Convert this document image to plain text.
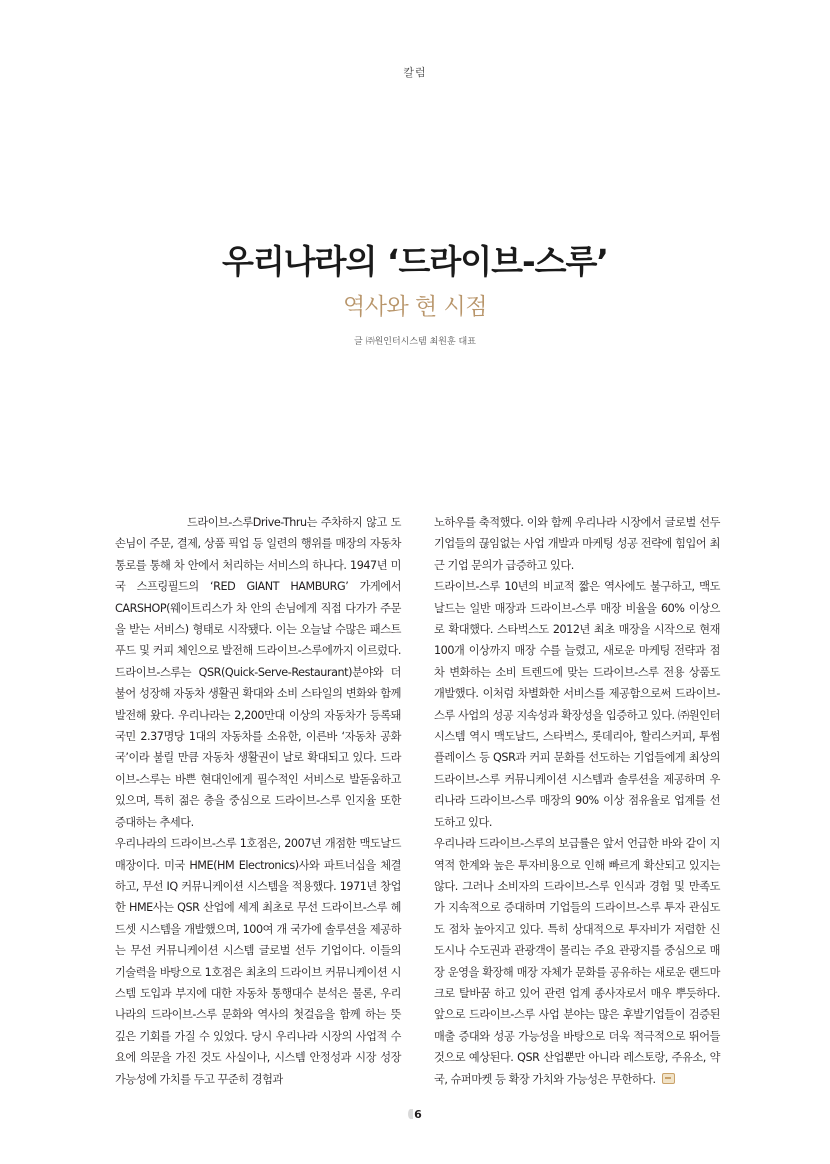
칼럼
우리나라의 ‘드라이브-스루’
역사와 현 시점
글 ㈜원인터시스템 최원훈 대표

드라이브-스루Drive-Thru는 주차하지 않고 도 손님이 주문, 결제, 상품 픽업 등 일련의 행위를 매장의 자동차 통로를 통해 차 안에서 처리하는 서비스의 하나다. 1947년 미국 스프링필드의 ‘RED GIANT HAMBURG’ 가게에서 CARSHOP(웨이트리스가 차 안의 손님에게 직접 다가가 주문을 받는 서비스) 형태로 시작됐다. 이는 오늘날 수많은 패스트푸드 및 커피 체인으로 발전해 드라이브-스루에까지 이르렀다. 드라이브-스루는 QSR(Quick-Serve-Restaurant)분야와 더불어 성장해 자동차 생활권 확대와 소비 스타일의 변화와 함께 발전해 왔다. 우리나라는 2,200만대 이상의 자동차가 등록돼 국민 2.37명당 1대의 자동차를 소유한, 이른바 ‘자동차 공화국’이라 불릴 만큼 자동차 생활권이 날로 확대되고 있다. 드라이브-스루는 바쁜 현대인에게 필수적인 서비스로 발돋움하고 있으며, 특히 젊은 층을 중심으로 드라이브-스루 인지율 또한 증대하는 추세다.

우리나라의 드라이브-스루 1호점은, 2007년 개점한 맥도날드 매장이다. 미국 HME(HM Electronics)사와 파트너십을 체결하고, 무선 IQ 커뮤니케이션 시스템을 적용했다. 1971년 창업한 HME사는 QSR 산업에 세계 최초로 무선 드라이브-스루 헤드셋 시스템을 개발했으며, 100여 개 국가에 솔루션을 제공하는 무선 커뮤니케이션 시스템 글로벌 선두 기업이다. 이들의 기술력을 바탕으로 1호점은 최초의 드라이브 커뮤니케이션 시스템 도입과 부지에 대한 자동차 통행대수 분석은 물론, 우리나라의 드라이브-스루 문화와 역사의 첫걸음을 함께 하는 뜻 깊은 기회를 가질 수 있었다. 당시 우리나라 시장의 사업적 수요에 의문을 가진 것도 사실이나, 시스템 안정성과 시장 성장 가능성에 가치를 두고 꾸준히 경험과

노하우를 축적했다. 이와 함께 우리나라 시장에서 글로벌 선두 기업들의 끊임없는 사업 개발과 마케팅 성공 전략에 힘입어 최근 기업 문의가 급증하고 있다.

드라이브-스루 10년의 비교적 짧은 역사에도 불구하고, 맥도날드는 일반 매장과 드라이브-스루 매장 비율을 60% 이상으로 확대했다. 스타벅스도 2012년 최초 매장을 시작으로 현재 100개 이상까지 매장 수를 늘렸고, 새로운 마케팅 전략과 점차 변화하는 소비 트렌드에 맞는 드라이브-스루 전용 상품도 개발했다. 이처럼 차별화한 서비스를 제공함으로써 드라이브-스루 사업의 성공 지속성과 확장성을 입증하고 있다. ㈜원인터시스템 역시 맥도날드, 스타벅스, 롯데리아, 할리스커피, 투썸플레이스 등 QSR과 커피 문화를 선도하는 기업들에게 최상의 드라이브-스루 커뮤니케이션 시스템과 솔루션을 제공하며 우리나라 드라이브-스루 매장의 90% 이상 점유율로 업계를 선도하고 있다.

우리나라 드라이브-스루의 보급률은 앞서 언급한 바와 같이 지역적 한계와 높은 투자비용으로 인해 빠르게 확산되고 있지는 않다. 그러나 소비자의 드라이브-스루 인식과 경험 및 만족도가 지속적으로 증대하며 기업들의 드라이브-스루 투자 관심도도 점차 높아지고 있다. 특히 상대적으로 투자비가 저렴한 신도시나 수도권과 관광객이 몰리는 주요 관광지를 중심으로 매장 운영을 확장해 매장 자체가 문화를 공유하는 새로운 랜드마크로 탈바꿈 하고 있어 관련 업계 종사자로서 매우 뿌듯하다. 앞으로 드라이브-스루 사업 분야는 많은 후발기업들이 검증된 매출 증대와 성공 가능성을 바탕으로 더욱 적극적으로 뛰어들 것으로 예상된다. QSR 산업뿐만 아니라 레스토랑, 주유소, 약국, 슈퍼마켓 등 확장 가치와 가능성은 무한하다.

6
